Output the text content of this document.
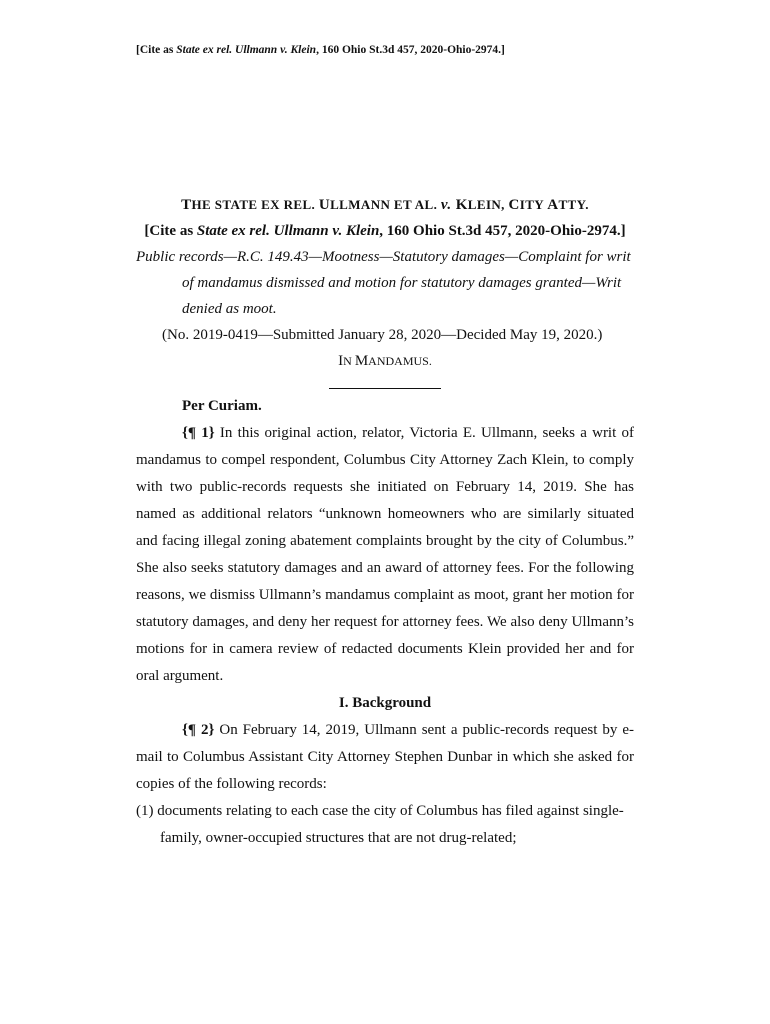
[Cite as State ex rel. Ullmann v. Klein, 160 Ohio St.3d 457, 2020-Ohio-2974.]
THE STATE EX REL. ULLMANN ET AL. v. KLEIN, CITY ATTY.
[Cite as State ex rel. Ullmann v. Klein, 160 Ohio St.3d 457, 2020-Ohio-2974.]
Public records—R.C. 149.43—Mootness—Statutory damages—Complaint for writ of mandamus dismissed and motion for statutory damages granted—Writ denied as moot.
(No. 2019-0419—Submitted January 28, 2020—Decided May 19, 2020.)
IN MANDAMUS.
Per Curiam.
{¶ 1} In this original action, relator, Victoria E. Ullmann, seeks a writ of mandamus to compel respondent, Columbus City Attorney Zach Klein, to comply with two public-records requests she initiated on February 14, 2019. She has named as additional relators “unknown homeowners who are similarly situated and facing illegal zoning abatement complaints brought by the city of Columbus.” She also seeks statutory damages and an award of attorney fees. For the following reasons, we dismiss Ullmann’s mandamus complaint as moot, grant her motion for statutory damages, and deny her request for attorney fees. We also deny Ullmann’s motions for in camera review of redacted documents Klein provided her and for oral argument.
I. Background
{¶ 2} On February 14, 2019, Ullmann sent a public-records request by e-mail to Columbus Assistant City Attorney Stephen Dunbar in which she asked for copies of the following records:
(1) documents relating to each case the city of Columbus has filed against single-family, owner-occupied structures that are not drug-related;
